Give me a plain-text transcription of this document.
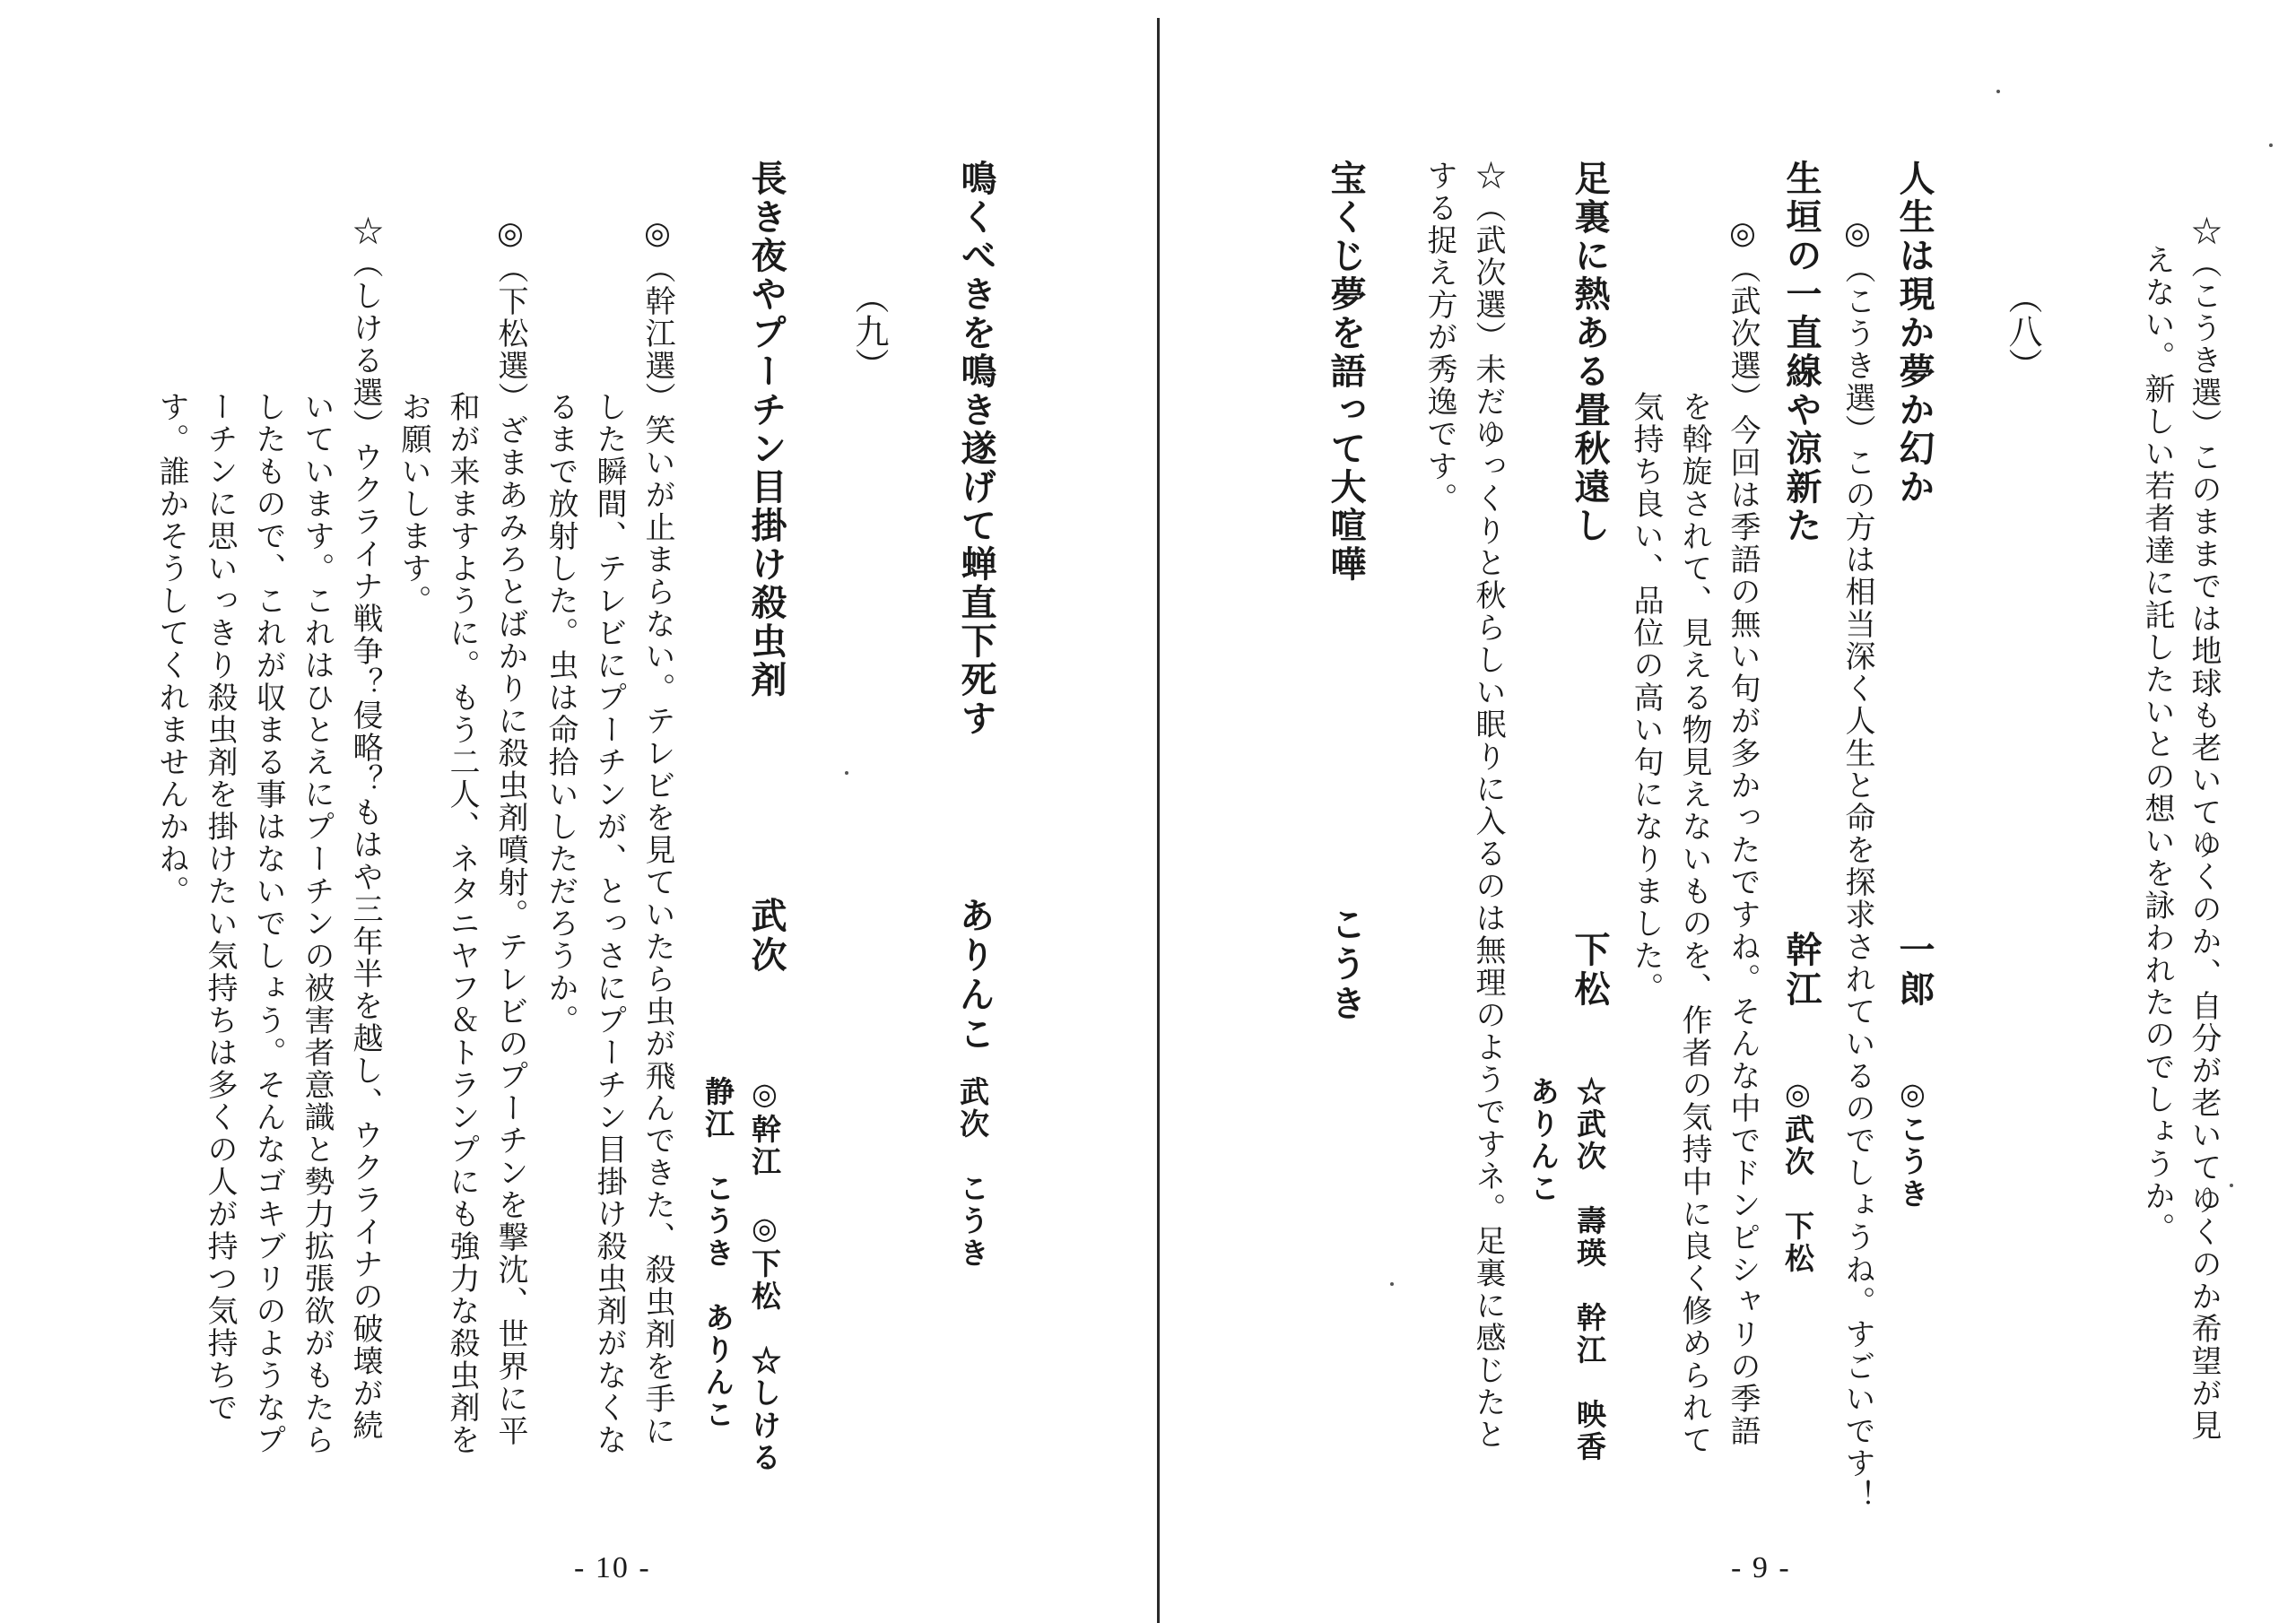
☆（こうき選）このままでは地球も老いてゆくのか、自分が老いてゆくのか希望が見
えない。新しい若者達に託したいとの想いを詠われたのでしょうか。
（八）
人生は現か夢か幻か
一郎
◎こうき
◎（こうき選）この方は相当深く人生と命を探求されているのでしょうね。すごいです！
生垣の一直線や涼新た
幹江
◎武次　下松
◎（武次選）今回は季語の無い句が多かったですね。そんな中でドンピシャリの季語
を斡旋されて、見える物見えないものを、作者の気持中に良く修められて
気持ち良い、品位の高い句になりました。
足裏に熱ある畳秋遠し
下松
☆武次　壽瑛　幹江　映香
ありんこ
☆（武次選）未だゆっくりと秋らしい眠りに入るのは無理のようですネ。足裏に感じたと
する捉え方が秀逸です。
宝くじ夢を語って大喧嘩
こうき
- 9 -
鳴くべきを鳴き遂げて蝉直下死す
ありんこ
武次　こうき
（九）
長き夜やプーチン目掛け殺虫剤
武次
◎幹江　◎下松　☆しける
静江　こうき　ありんこ
◎（幹江選）笑いが止まらない。テレビを見ていたら虫が飛んできた、殺虫剤を手に
した瞬間、テレビにプーチンが、とっさにプーチン目掛け殺虫剤がなくな
るまで放射した。虫は命拾いしただろうか。
◎（下松選）ざまあみろとばかりに殺虫剤噴射。テレビのプーチンを撃沈、世界に平
和が来ますように。もう二人、ネタニヤフ＆トランプにも強力な殺虫剤を
お願いします。
☆（しける選）ウクライナ戦争？侵略？もはや三年半を越し、ウクライナの破壊が続
いています。これはひとえにプーチンの被害者意識と勢力拡張欲がもたら
したもので、これが収まる事はないでしょう。そんなゴキブリのようなプ
ーチンに思いっきり殺虫剤を掛けたい気持ちは多くの人が持つ気持ちで
す。誰かそうしてくれませんかね。
- 10 -
